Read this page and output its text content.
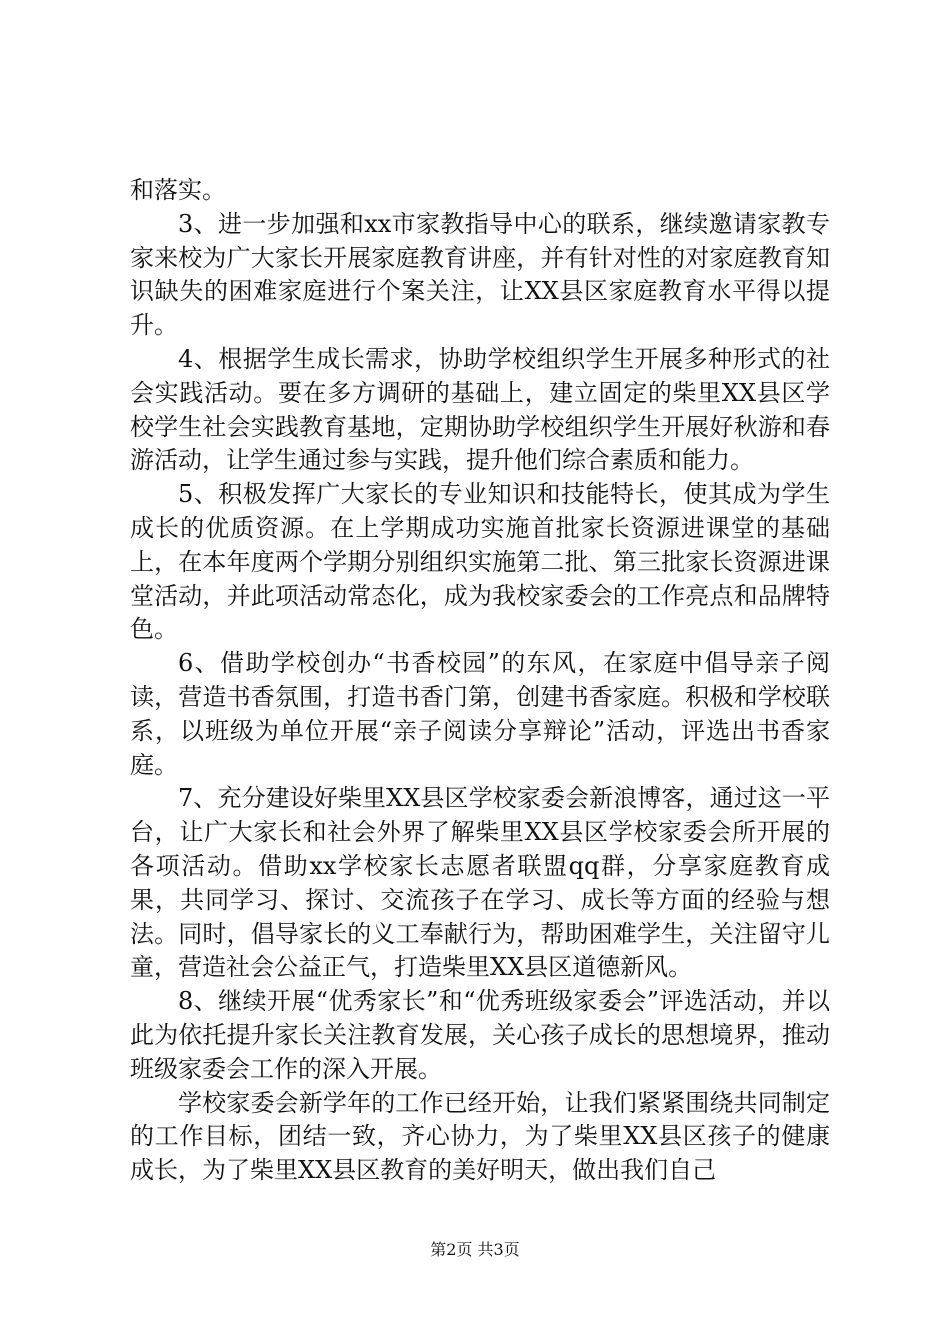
和落实。

3、进一步加强和xx市家教指导中心的联系，继续邀请家教专家来校为广大家长开展家庭教育讲座，并有针对性的对家庭教育知识缺失的困难家庭进行个案关注，让XX县区家庭教育水平得以提升。

4、根据学生成长需求，协助学校组织学生开展多种形式的社会实践活动。要在多方调研的基础上，建立固定的柴里XX县区学校学生社会实践教育基地，定期协助学校组织学生开展好秋游和春游活动，让学生通过参与实践，提升他们综合素质和能力。

5、积极发挥广大家长的专业知识和技能特长，使其成为学生成长的优质资源。在上学期成功实施首批家长资源进课堂的基础上，在本年度两个学期分别组织实施第二批、第三批家长资源进课堂活动，并此项活动常态化，成为我校家委会的工作亮点和品牌特色。

6、借助学校创办“书香校园”的东风，在家庭中倡导亲子阅读，营造书香氛围，打造书香门第，创建书香家庭。积极和学校联系，以班级为单位开展“亲子阅读分享辩论”活动，评选出书香家庭。

7、充分建设好柴里XX县区学校家委会新浪博客，通过这一平台，让广大家长和社会外界了解柴里XX县区学校家委会所开展的各项活动。借助xx学校家长志愿者联盟qq群，分享家庭教育成果，共同学习、探讨、交流孩子在学习、成长等方面的经验与想法。同时，倡导家长的义工奉献行为，帮助困难学生，关注留守儿童，营造社会公益正气，打造柴里XX县区道德新风。

8、继续开展“优秀家长”和“优秀班级家委会”评选活动，并以此为依托提升家长关注教育发展，关心孩子成长的思想境界，推动班级家委会工作的深入开展。

学校家委会新学年的工作已经开始，让我们紧紧围绕共同制定的工作目标，团结一致，齐心协力，为了柴里XX县区孩子的健康成长，为了柴里XX县区教育的美好明天，做出我们自己

第2页 共3页
